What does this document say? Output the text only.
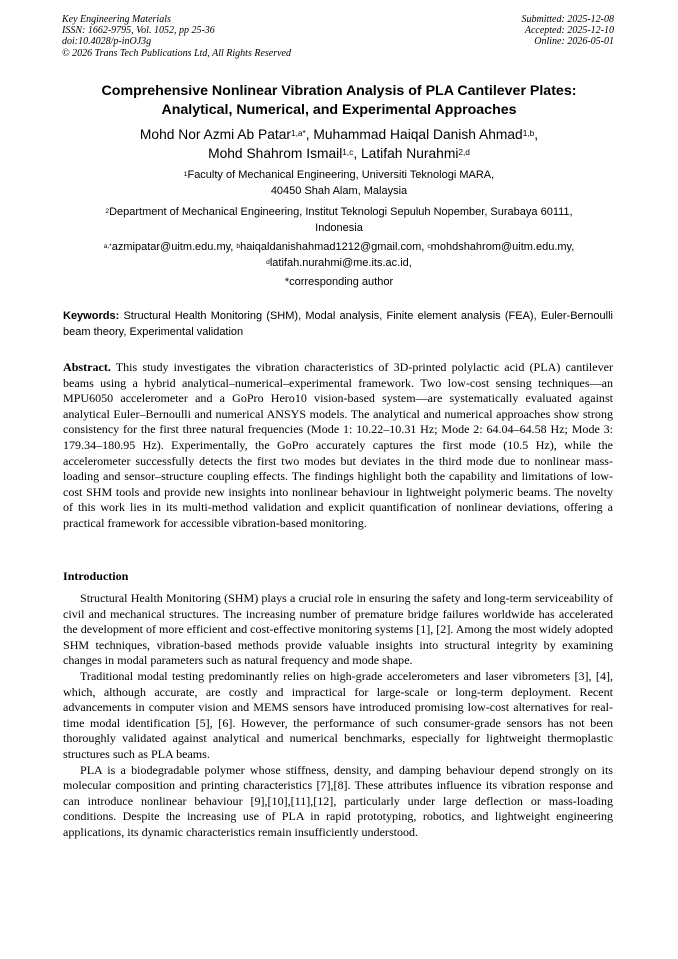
Key Engineering Materials
ISSN: 1662-9795, Vol. 1052, pp 25-36
doi:10.4028/p-inOJ3g
© 2026 Trans Tech Publications Ltd, All Rights Reserved
Submitted: 2025-12-08
Accepted: 2025-12-10
Online: 2026-05-01
Comprehensive Nonlinear Vibration Analysis of PLA Cantilever Plates:
Analytical, Numerical, and Experimental Approaches
Mohd Nor Azmi Ab Patar$^{1,a*}$, Muhammad Haiqal Danish Ahmad$^{1,b}$,
Mohd Shahrom Ismail$^{1,c}$, Latifah Nurahmi$^{2,d}$
$^1$Faculty of Mechanical Engineering, Universiti Teknologi MARA,
40450 Shah Alam, Malaysia
$^2$Department of Mechanical Engineering, Institut Teknologi Sepuluh Nopember, Surabaya 60111,
Indonesia
$^{a,*}$azmipatar@uitm.edu.my, $^b$haiqaldanishahmad1212@gmail.com, $^c$mohdshahrom@uitm.edu.my,
$^d$latifah.nurahmi@me.its.ac.id,
*corresponding author
Keywords: Structural Health Monitoring (SHM), Modal analysis, Finite element analysis (FEA), Euler-Bernoulli beam theory, Experimental validation
Abstract. This study investigates the vibration characteristics of 3D-printed polylactic acid (PLA) cantilever beams using a hybrid analytical–numerical–experimental framework. Two low-cost sensing techniques—an MPU6050 accelerometer and a GoPro Hero10 vision-based system—are systematically evaluated against analytical Euler–Bernoulli and numerical ANSYS models. The analytical and numerical approaches show strong consistency for the first three natural frequencies (Mode 1: 10.22–10.31 Hz; Mode 2: 64.04–64.58 Hz; Mode 3: 179.34–180.95 Hz). Experimentally, the GoPro accurately captures the first mode (10.5 Hz), while the accelerometer successfully detects the first two modes but deviates in the third mode due to nonlinear mass-loading and sensor–structure coupling effects. The findings highlight both the capability and limitations of low-cost SHM tools and provide new insights into nonlinear behaviour in lightweight polymeric beams. The novelty of this work lies in its multi-method validation and explicit quantification of nonlinear deviations, offering a practical framework for accessible vibration-based monitoring.
Introduction

Structural Health Monitoring (SHM) plays a crucial role in ensuring the safety and long-term serviceability of civil and mechanical structures. The increasing number of premature bridge failures worldwide has accelerated the development of more efficient and cost-effective monitoring systems [1], [2]. Among the most widely adopted SHM techniques, vibration-based methods provide valuable insights into structural integrity by examining changes in modal parameters such as natural frequency and mode shape.

Traditional modal testing predominantly relies on high-grade accelerometers and laser vibrometers [3], [4], which, although accurate, are costly and impractical for large-scale or long-term deployment. Recent advancements in computer vision and MEMS sensors have introduced promising low-cost alternatives for real-time modal identification [5], [6]. However, the performance of such consumer-grade sensors has not been thoroughly validated against analytical and numerical benchmarks, especially for lightweight thermoplastic structures such as PLA beams.

PLA is a biodegradable polymer whose stiffness, density, and damping behaviour depend strongly on its molecular composition and printing characteristics [7],[8]. These attributes influence its vibration response and can introduce nonlinear behaviour [9],[10],[11],[12], particularly under large deflection or mass-loading conditions. Despite the increasing use of PLA in rapid prototyping, robotics, and lightweight engineering applications, its dynamic characteristics remain insufficiently understood.
